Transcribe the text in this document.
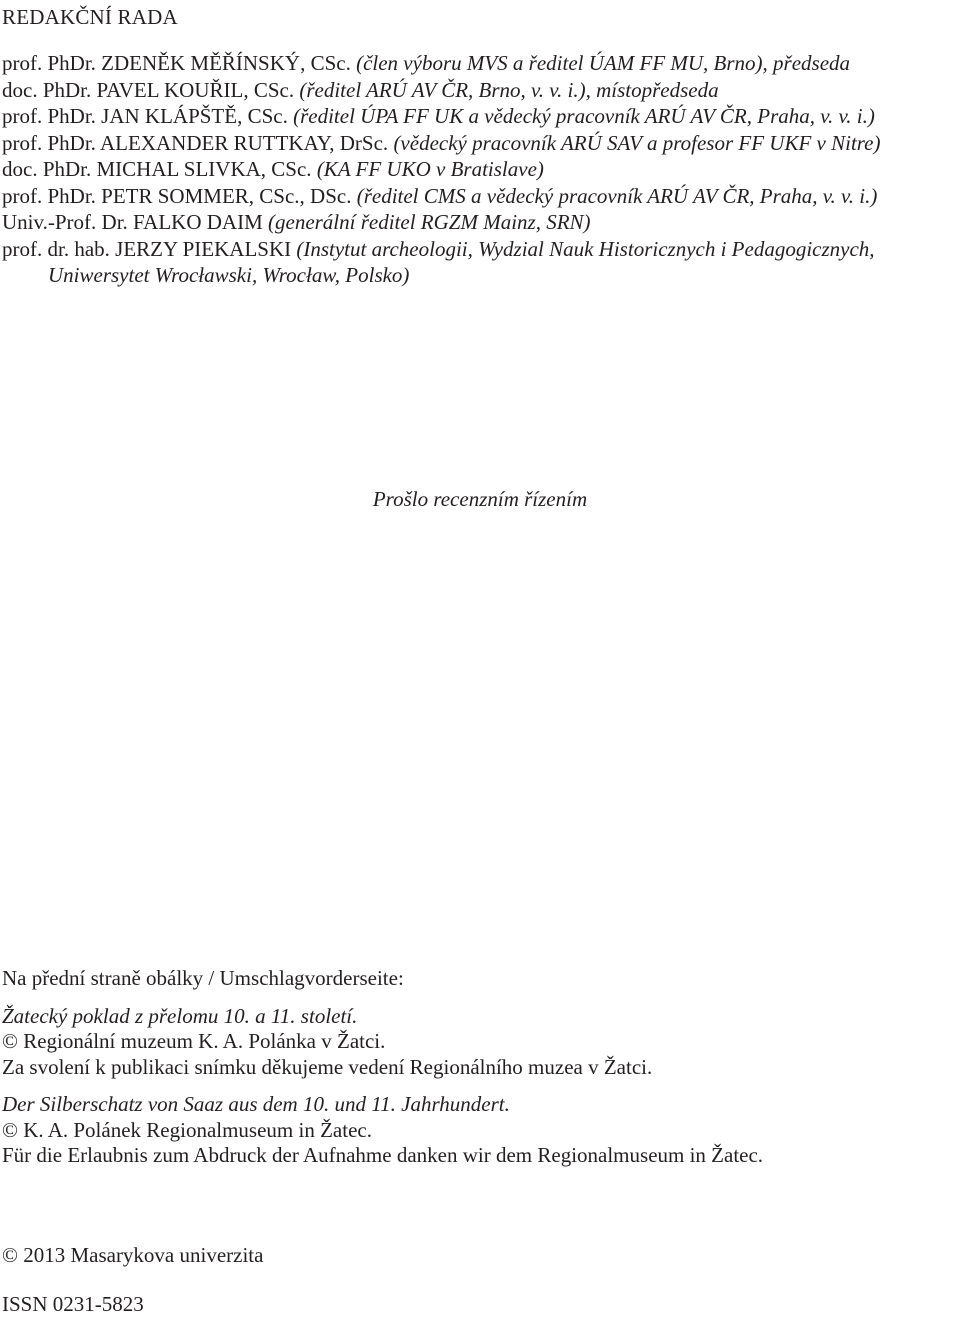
REDAKČNÍ RADA
prof. PhDr. ZDENĚK MĚŘÍNSKÝ, CSc. (člen výboru MVS a ředitel ÚAM FF MU, Brno), předseda
doc. PhDr. PAVEL KOUŘIL, CSc. (ředitel ARÚ AV ČR, Brno, v. v. i.), místopředseda
prof. PhDr. JAN KLÁPŠTĚ, CSc. (ředitel ÚPA FF UK a vědecký pracovník ARÚ AV ČR, Praha, v. v. i.)
prof. PhDr. ALEXANDER RUTTKAY, DrSc. (vědecký pracovník ARÚ SAV a profesor FF UKF v Nitre)
doc. PhDr. MICHAL SLIVKA, CSc. (KA FF UKO v Bratislave)
prof. PhDr. PETR SOMMER, CSc., DSc. (ředitel CMS a vědecký pracovník ARÚ AV ČR, Praha, v. v. i.)
Univ.-Prof. Dr. FALKO DAIM (generální ředitel RGZM Mainz, SRN)
prof. dr. hab. JERZY PIEKALSKI (Instytut archeologii, Wydzial Nauk Historicznych i Pedagogicznych, Uniwersytet Wrocławski, Wrocław, Polsko)
Prošlo recenzním řízením
Na přední straně obálky / Umschlagvorderseite:
Žatecký poklad z přelomu 10. a 11. století.
© Regionální muzeum K. A. Polánka v Žatci.
Za svolení k publikaci snímku děkujeme vedení Regionálního muzea v Žatci.
Der Silberschatz von Saaz aus dem 10. und 11. Jahrhundert.
© K. A. Polánek Regionalmuseum in Žatec.
Für die Erlaubnis zum Abdruck der Aufnahme danken wir dem Regionalmuseum in Žatec.
© 2013 Masarykova univerzita
ISSN 0231-5823
